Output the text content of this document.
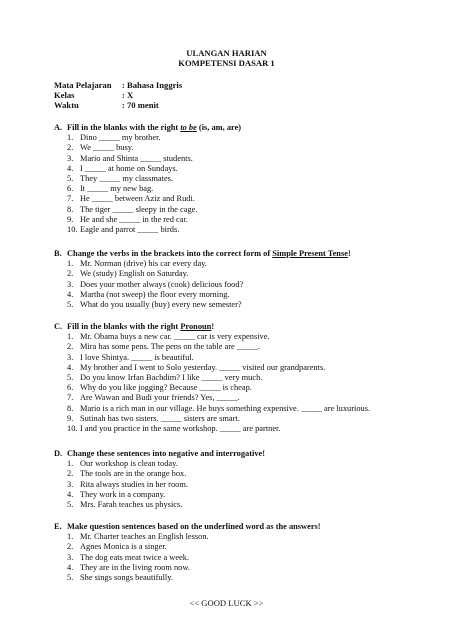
ULANGAN HARIAN
KOMPETENSI DASAR 1
Mata Pelajaran : Bahasa Inggris
Kelas	: X
Waktu	: 70 menit
A. Fill in the blanks with the right to be (is, am, are)
1. Dino _____ my brother.
2. We _____ busy.
3. Mario and Shinta _____ students.
4. I _____ at home on Sundays.
5. They _____ my classmates.
6. It _____ my new bag.
7. He _____ between Aziz and Rudi.
8. The tiger _____ sleepy in the cage.
9. He and she _____ in the red car.
10. Eagle and parrot _____ birds.
B. Change the verbs in the brackets into the correct form of Simple Present Tense!
1. Mr. Norman (drive) his car every day.
2. We (study) English on Saturday.
3. Does your mother always (cook) delicious food?
4. Martha (not sweep) the floor every morning.
5. What do you usually (buy) every new semester?
C. Fill in the blanks with the right Pronoun!
1. Mr. Obama buys a new car. _____ car is very expensive.
2. Mira has some pens. The pens on the table are _____.
3. I love Shintya. _____ is beautiful.
4. My brother and I went to Solo yesterday. _____ visited our grandparents.
5. Do you know Irfan Bachdim? I like _____ very much.
6. Why do you like jogging? Because _____ is cheap.
7. Are Wawan and Budi your friends? Yes, _____.
8. Mario is a rich man in our village. He buys something expensive. _____ are luxurious.
9. Sutinah has two sisters. _____ sisters are smart.
10. I and you practice in the same workshop. _____ are partner.
D. Change these sentences into negative and interrogative!
1. Our workshop is clean today.
2. The tools are in the orange box.
3. Rita always studies in her room.
4. They work in a company.
5. Mrs. Farah teaches us physics.
E. Make question sentences based on the underlined word as the answers!
1. Mr. Charter teaches an English lesson.
2. Agnes Monica is a singer.
3. The dog eats meat twice a week.
4. They are in the living room now.
5. She sings songs beautifully.
<< GOOD LUCK >>
